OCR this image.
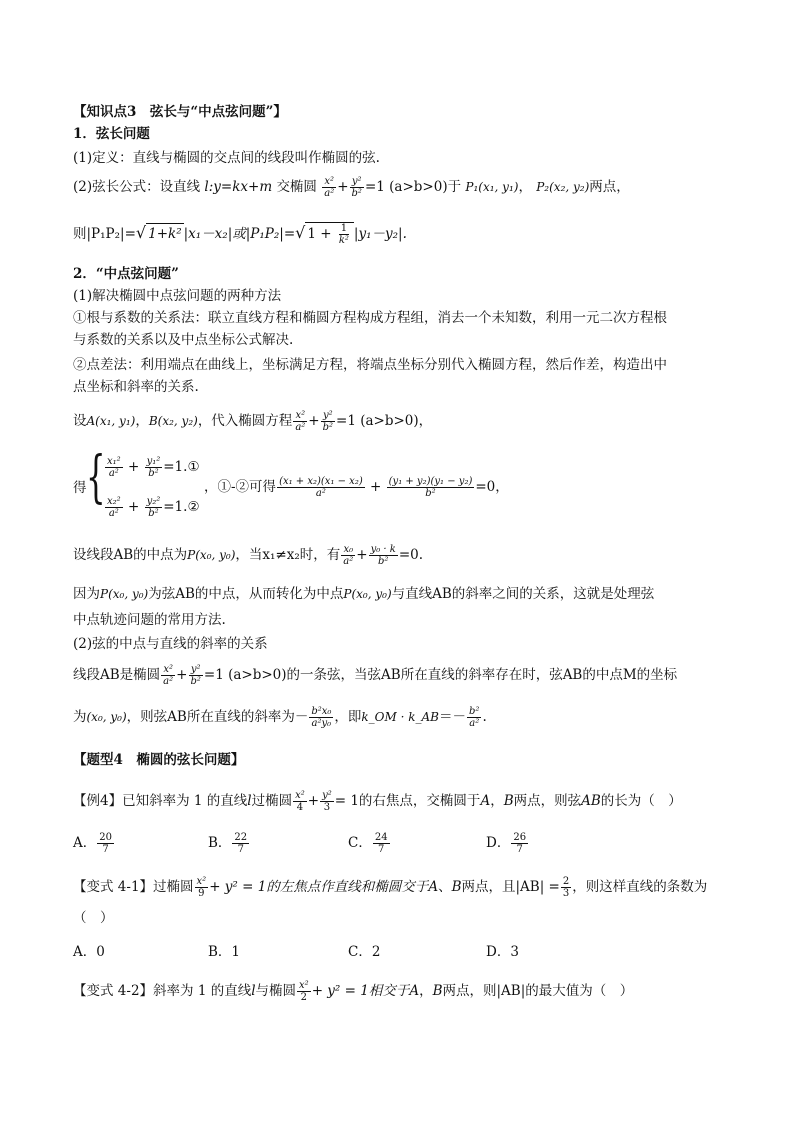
【知识点3　弦长与“中点弦问题”】
1．弦长问题
(1)定义：直线与椭圆的交点间的线段叫作椭圆的弦.
(2)弦长公式：设直线 l:y=kx+m 交椭圆 $\frac{\text{x²}}{\text{a²}} + \frac{\text{y²}}{\text{b²}} =1$ (a>b>0)于 P₁(x₁, y₁)， P₂(x₂, y₂)两点，
则|P₁P₂|=√ 1+k² |x₁－x₂|或|P₁P₂|=√ $1 + \frac{1}{\text{k²}} |y_1-y_2|$.
2．“中点弦问题”
(1)解决椭圆中点弦问题的两种方法
①根与系数的关系法：联立直线方程和椭圆方程构成方程组，消去一个未知数，利用一元二次方程根
与系数的关系以及中点坐标公式解决.
②点差法：利用端点在曲线上，坐标满足方程，将端点坐标分别代入椭圆方程，然后作差，构造出中
点坐标和斜率的关系.
设A(x₁, y₁)，B(x₂, y₂)，代入椭圆方程 $\frac{\text{x²}}{\text{a²}} + \frac{\text{y²}}{\text{b²}} =1$ (a>b>0)，
得 { $\frac{\text{x₁²}}{\text{a²}} + \frac{\text{y₁²}}{\text{b²}}$ =1.①
$\frac{\text{x₂²}}{\text{a²}} + \frac{\text{y₂²}}{\text{b²}}$ =1.②
，①-②可得 $\frac{\text{(x₁ + x₂)(x₁ − x₂)}}{\text{a²}} + \frac{\text{(y₁ + y₂)(y₁ − y₂)}}{\text{b²}} =0$，
设线段AB的中点为P(x₀, y₀)，当x₁≠x₂时，有 $\frac{\text{x₀}}{\text{a²}} + \frac{\text{y₀ · k}}{\text{b²}} =0$.
因为P(x₀, y₀)为弦AB的中点，从而转化为中点P(x₀, y₀)与直线AB的斜率之间的关系，这就是处理弦
中点轨迹问题的常用方法.
(2)弦的中点与直线的斜率的关系
线段AB是椭圆 $\frac{\text{x²}}{\text{a²}} + \frac{\text{y²}}{\text{b²}} =1$ (a>b>0)的一条弦，当弦AB所在直线的斜率存在时，弦AB的中点M的坐标
为(x₀, y₀)，则弦AB所在直线的斜率为－ $\frac{\text{b²x₀}}{\text{a²y₀}}$ ，即k_OM · k_AB＝－ $\frac{\text{b²}}{\text{a²}}$ .
【题型4　椭圆的弦长问题】
【例4】已知斜率为 1 的直线l过椭圆 $\frac{\text{x²}}{4} + \frac{\text{y²}}{3} = 1$的右焦点，交椭圆于A，B两点，则弦AB的长为（　）
A． $\frac{20}{7}$	B． $\frac{22}{7}$	C． $\frac{24}{7}$	D． $\frac{26}{7}$
【变式 4-1】过椭圆 $\frac{\text{x²}}{9} + y^2 = 1$的左焦点作直线和椭圆交于A、B两点，且$|AB| = \frac{2}{3}$ ，则这样直线的条数为
（　）
A．0	B．1	C．2	D．3
【变式 4-2】斜率为 1 的直线l与椭圆 $\frac{\text{x²}}{2} + y^2 = 1$相交于A，B两点，则|AB|的最大值为（　）
